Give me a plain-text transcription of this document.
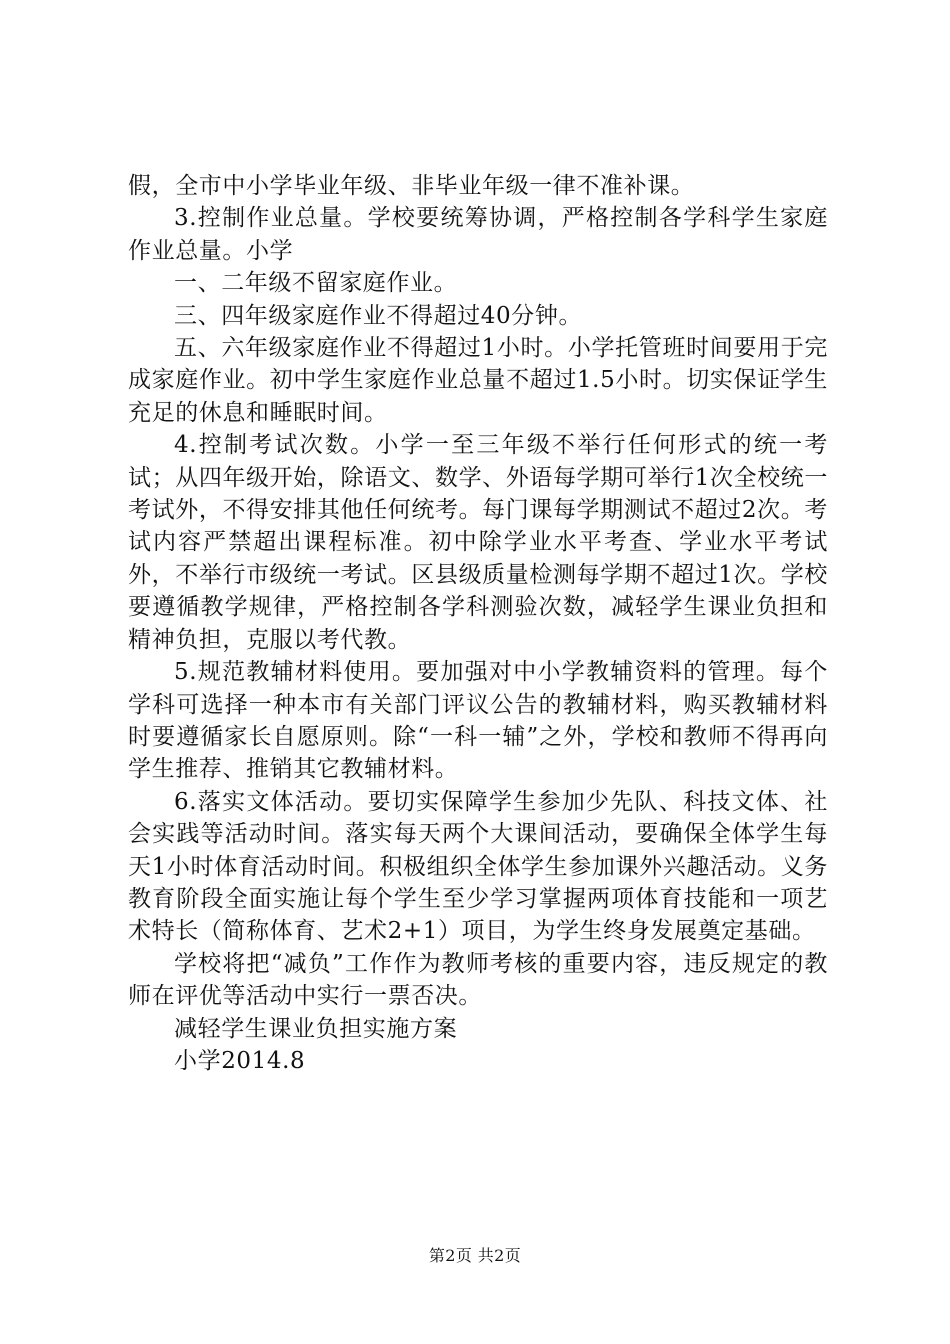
假，全市中小学毕业年级、非毕业年级一律不准补课。

3.控制作业总量。学校要统筹协调，严格控制各学科学生家庭作业总量。小学

一、二年级不留家庭作业。

三、四年级家庭作业不得超过40分钟。

五、六年级家庭作业不得超过1小时。小学托管班时间要用于完成家庭作业。初中学生家庭作业总量不超过1.5小时。切实保证学生充足的休息和睡眠时间。

4.控制考试次数。小学一至三年级不举行任何形式的统一考试；从四年级开始，除语文、数学、外语每学期可举行1次全校统一考试外，不得安排其他任何统考。每门课每学期测试不超过2次。考试内容严禁超出课程标准。初中除学业水平考查、学业水平考试外，不举行市级统一考试。区县级质量检测每学期不超过1次。学校要遵循教学规律，严格控制各学科测验次数，减轻学生课业负担和精神负担，克服以考代教。

5.规范教辅材料使用。要加强对中小学教辅资料的管理。每个学科可选择一种本市有关部门评议公告的教辅材料，购买教辅材料时要遵循家长自愿原则。除“一科一辅”之外，学校和教师不得再向学生推荐、推销其它教辅材料。

6.落实文体活动。要切实保障学生参加少先队、科技文体、社会实践等活动时间。落实每天两个大课间活动，要确保全体学生每天1小时体育活动时间。积极组织全体学生参加课外兴趣活动。义务教育阶段全面实施让每个学生至少学习掌握两项体育技能和一项艺术特长（简称体育、艺术2+1）项目，为学生终身发展奠定基础。

学校将把“减负”工作作为教师考核的重要内容，违反规定的教师在评优等活动中实行一票否决。

减轻学生课业负担实施方案

小学2014.8

第2页 共2页
